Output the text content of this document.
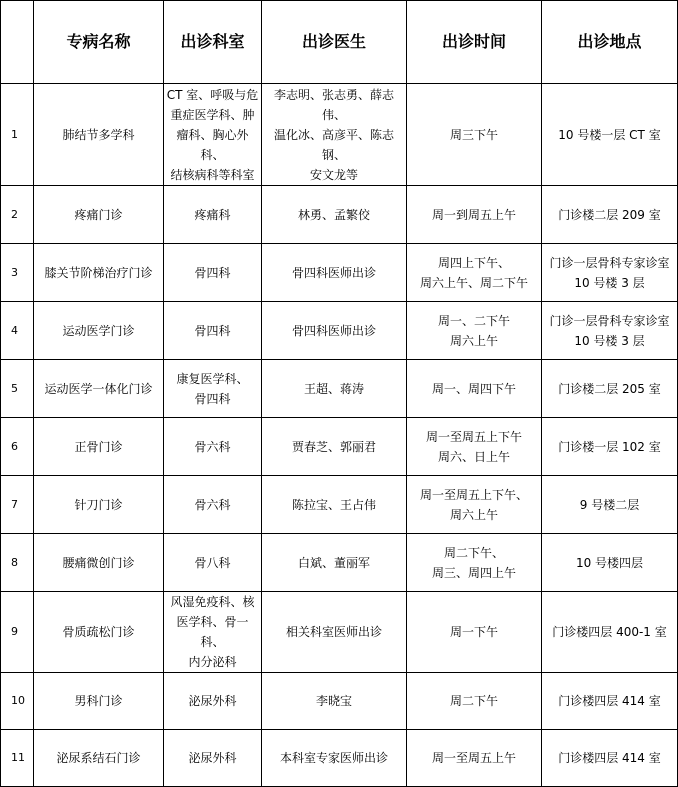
	专病名称	出诊科室	出诊医生	出诊时间	出诊地点
1	肺结节多学科	CT 室、呼吸与危
重症医学科、肿
瘤科、胸心外科、
结核病科等科室	李志明、张志勇、薛志伟、
温化冰、高彦平、陈志钢、
安文龙等	周三下午	10 号楼一层 CT 室
2	疼痛门诊	疼痛科	林勇、孟繁佼	周一到周五上午	门诊楼二层 209 室
3	膝关节阶梯治疗门诊	骨四科	骨四科医师出诊	周四上下午、
周六上午、周二下午	门诊一层骨科专家诊室
10 号楼 3 层
4	运动医学门诊	骨四科	骨四科医师出诊	周一、二下午
周六上午	门诊一层骨科专家诊室
10 号楼 3 层
5	运动医学一体化门诊	康复医学科、
骨四科	王超、蒋涛	周一、周四下午	门诊楼二层 205 室
6	正骨门诊	骨六科	贾春芝、郭丽君	周一至周五上下午
周六、日上午	门诊楼一层 102 室
7	针刀门诊	骨六科	陈拉宝、王占伟	周一至周五上下午、
周六上午	9 号楼二层
8	腰痛微创门诊	骨八科	白斌、董丽军	周二下午、
周三、周四上午	10 号楼四层
9	骨质疏松门诊	风湿免疫科、核
医学科、骨一科、
内分泌科	相关科室医师出诊	周一下午	门诊楼四层 400-1 室
10	男科门诊	泌尿外科	李晓宝	周二下午	门诊楼四层 414 室
11	泌尿系结石门诊	泌尿外科	本科室专家医师出诊	周一至周五上午	门诊楼四层 414 室
